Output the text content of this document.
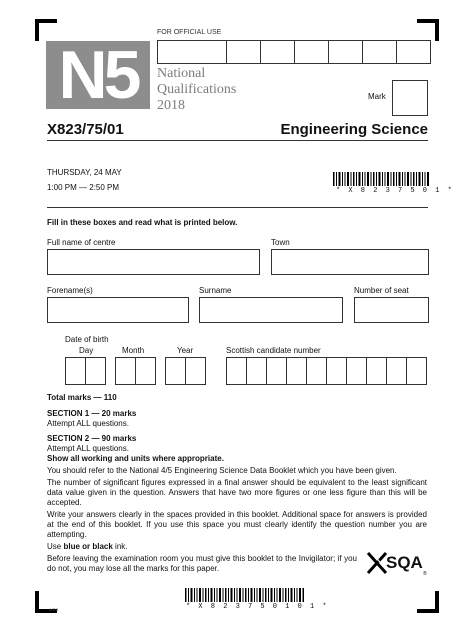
N5
FOR OFFICIAL USE
National
Qualifications
2018
Mark
X823/75/01	Engineering Science
THURSDAY, 24 MAY
1:00 PM — 2:50 PM	* X 8 2 3 7 5 0 1 *
Fill in these boxes and read what is printed below.
Full name of centre	Town
Forename(s)	Surname	Number of seat
Date of birth
Day	Month	Year	Scottish candidate number

Total marks — 110

SECTION 1 — 20 marks

Attempt ALL questions.

SECTION 2 — 90 marks

Attempt ALL questions.

Show all working and units where appropriate.

You should refer to the National 4/5 Engineering Science Data Booklet which you have been given.

The number of significant figures expressed in a final answer should be equivalent to the least significant data value given in the question. Answers that have two more figures or one less figure than this will be accepted.

Write your answers clearly in the spaces provided in this booklet. Additional space for answers is provided at the end of this booklet. If you use this space you must clearly identify the question number you are attempting.

Use blue or black ink.

Before leaving the examination room you must give this booklet to the Invigilator; if you do not, you may lose all the marks for this paper.	SQA
®
* X 8 2 3 7 5 0 1 0 1 *
A/PB
